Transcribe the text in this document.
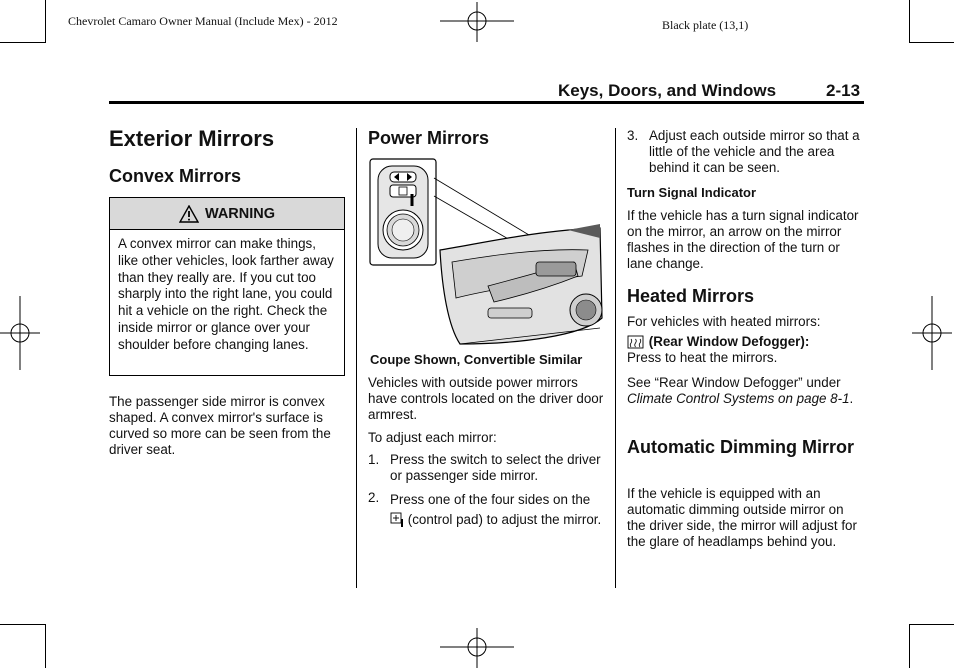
Chevrolet Camaro Owner Manual (Include Mex) - 2012	Black plate (13,1)
Keys, Doors, and Windows	2-13
Exterior Mirrors
Convex Mirrors
WARNING
A convex mirror can make things, like other vehicles, look farther away than they really are. If you cut too sharply into the right lane, you could hit a vehicle on the right. Check the inside mirror or glance over your shoulder before changing lanes.
The passenger side mirror is convex shaped. A convex mirror's surface is curved so more can be seen from the driver seat.
Power Mirrors
Coupe Shown, Convertible Similar
Vehicles with outside power mirrors have controls located on the driver door armrest.
To adjust each mirror:
1. Press the switch to select the driver or passenger side mirror.
2. Press one of the four sides on the  (control pad) to adjust the mirror.
3. Adjust each outside mirror so that a little of the vehicle and the area behind it can be seen.
Turn Signal Indicator
If the vehicle has a turn signal indicator on the mirror, an arrow on the mirror flashes in the direction of the turn or lane change.
Heated Mirrors
For vehicles with heated mirrors:
(Rear Window Defogger):
Press to heat the mirrors.
See “Rear Window Defogger” under Climate Control Systems on page 8-1.
Automatic Dimming Mirror
If the vehicle is equipped with an automatic dimming outside mirror on the driver side, the mirror will adjust for the glare of headlamps behind you.
